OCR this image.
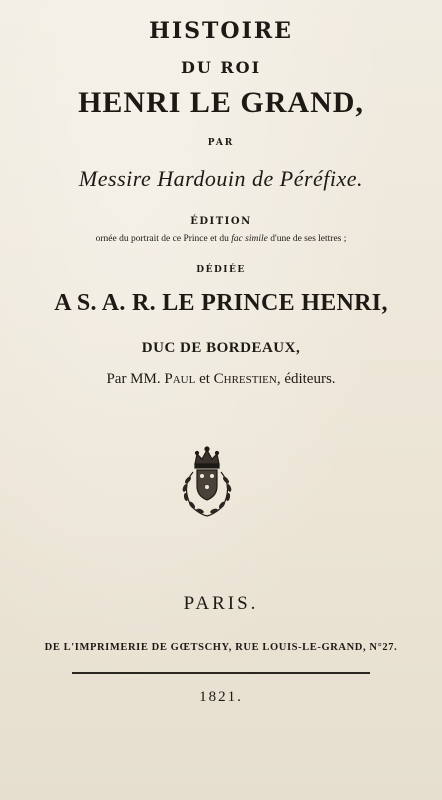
HISTOIRE
DU ROI
HENRI LE GRAND,
PAR
Messire Hardouin de Péréfixe.
ÉDITION
ornée du portrait de ce Prince et du fac simile d'une de ses lettres ;
DÉDIÉE
A S. A. R. LE PRINCE HENRI,
DUC DE BORDEAUX,
Par MM. Paul et Chrestien, éditeurs.
PARIS.
DE L'IMPRIMERIE DE GŒTSCHY, RUE LOUIS-LE-GRAND, N°27.
1821.
